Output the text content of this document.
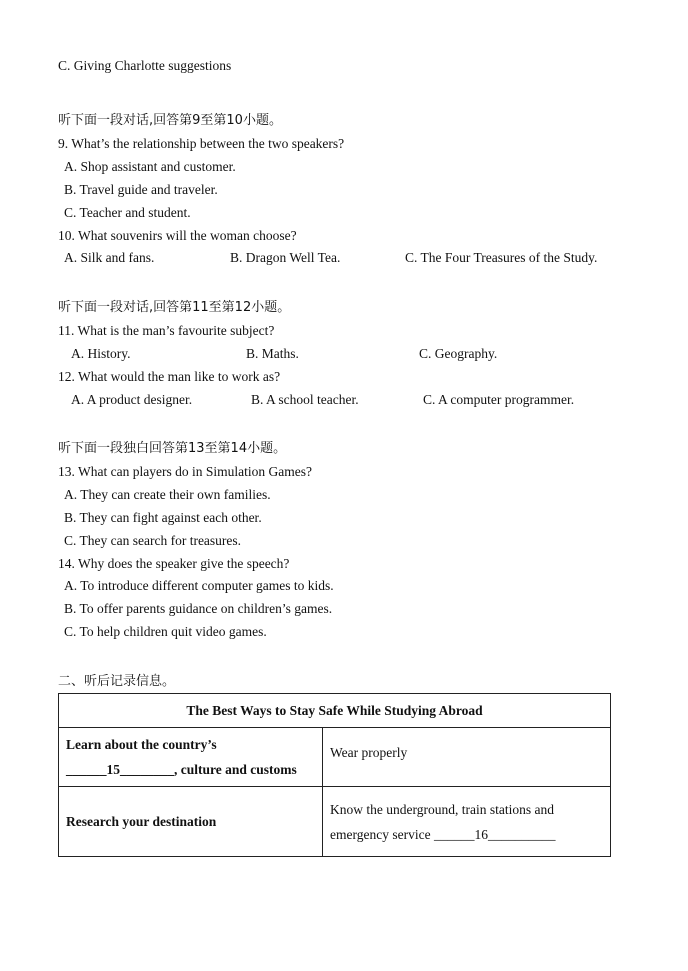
C. Giving Charlotte suggestions
听下面一段对话,回答第9至第10小题。
9. What’s the relationship between the two speakers?
A. Shop assistant and customer.
B. Travel guide and traveler.
C. Teacher and student.
10. What souvenirs will the woman choose?
A. Silk and fans.	B. Dragon Well Tea.	C. The Four Treasures of the Study.
听下面一段对话,回答第11至第12小题。
11. What is the man’s favourite subject?
A. History.	B. Maths.	C. Geography.
12. What would the man like to work as?
A. A product designer.	B. A school teacher.	C. A computer programmer.
听下面一段独白回答第13至第14小题。
13. What can players do in Simulation Games?
A. They can create their own families.
B. They can fight against each other.
C. They can search for treasures.
14. Why does the speaker give the speech?
A. To introduce different computer games to kids.
B. To offer parents guidance on children’s games.
C. To help children quit video games.
二、听后记录信息。
The Best Ways to Stay Safe While Studying Abroad	

Learn about the country’s
______15________, culture and customs	Wear properly
Research your destination	Know the underground, train stations and
emergency service ______16__________
